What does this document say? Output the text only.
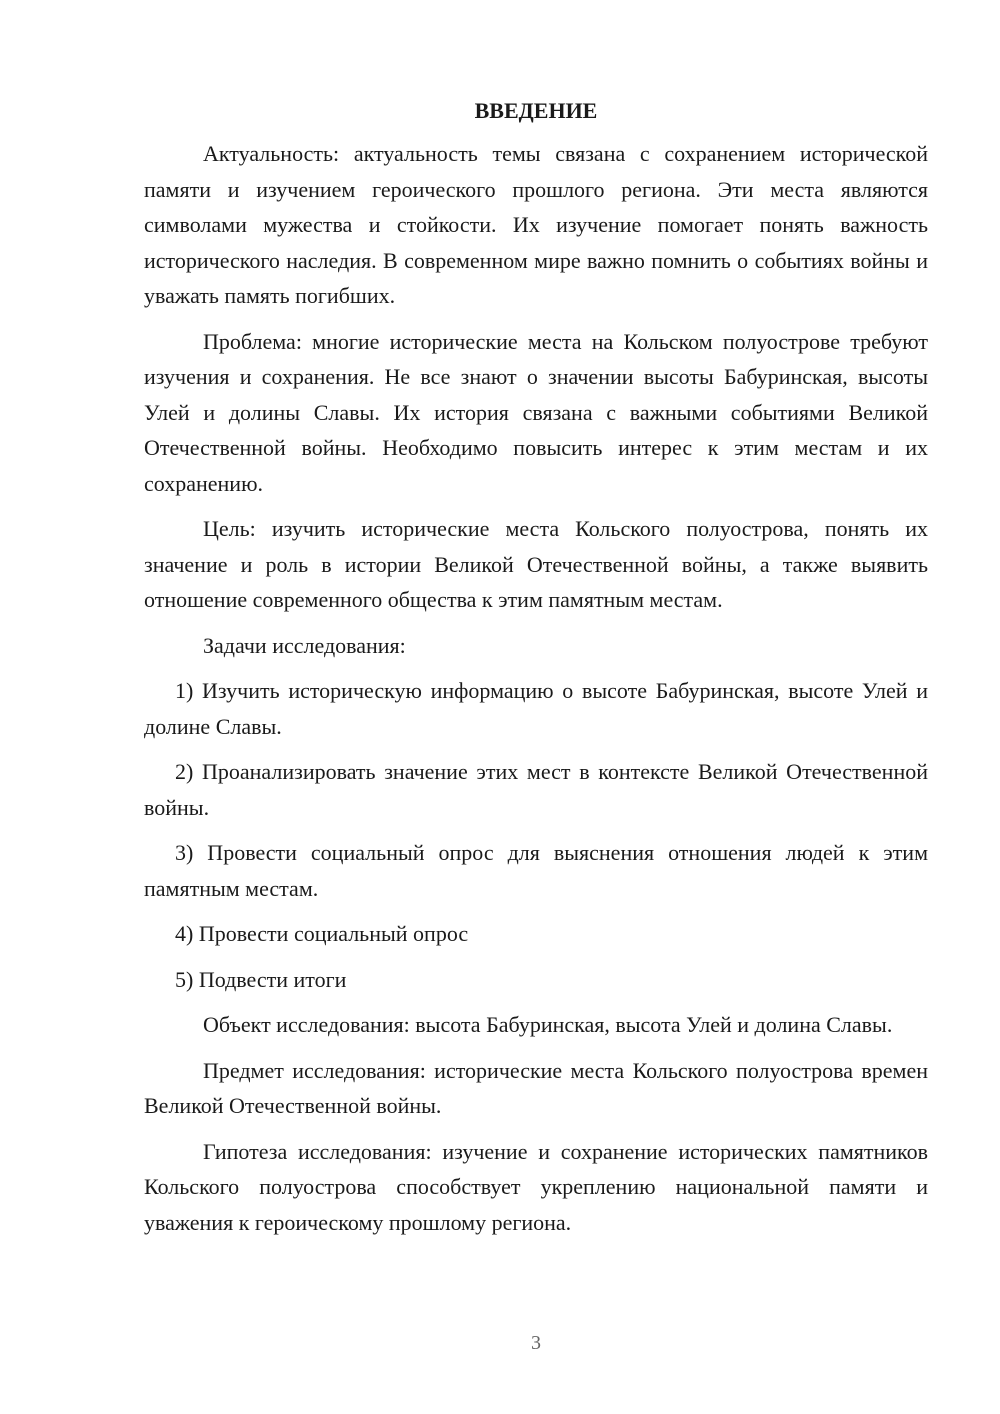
ВВЕДЕНИЕ

Актуальность: актуальность темы связана с сохранением исторической памяти и изучением героического прошлого региона. Эти места являются символами мужества и стойкости. Их изучение помогает понять важность исторического наследия. В современном мире важно помнить о событиях войны и уважать память погибших.

Проблема: многие исторические места на Кольском полуострове требуют изучения и сохранения. Не все знают о значении высоты Бабуринская, высоты Улей и долины Славы. Их история связана с важными событиями Великой Отечественной войны. Необходимо повысить интерес к этим местам и их сохранению.

Цель: изучить исторические места Кольского полуострова, понять их значение и роль в истории Великой Отечественной войны, а также выявить отношение современного общества к этим памятным местам.

Задачи исследования:

1) Изучить историческую информацию о высоте Бабуринская, высоте Улей и долине Славы.

2) Проанализировать значение этих мест в контексте Великой Отечественной войны.

3) Провести социальный опрос для выяснения отношения людей к этим памятным местам.

4) Провести социальный опрос

5) Подвести итоги

Объект исследования: высота Бабуринская, высота Улей и долина Славы.

Предмет исследования: исторические места Кольского полуострова времен Великой Отечественной войны.

Гипотеза исследования: изучение и сохранение исторических памятников Кольского полуострова способствует укреплению национальной памяти и уважения к героическому прошлому региона.

3
